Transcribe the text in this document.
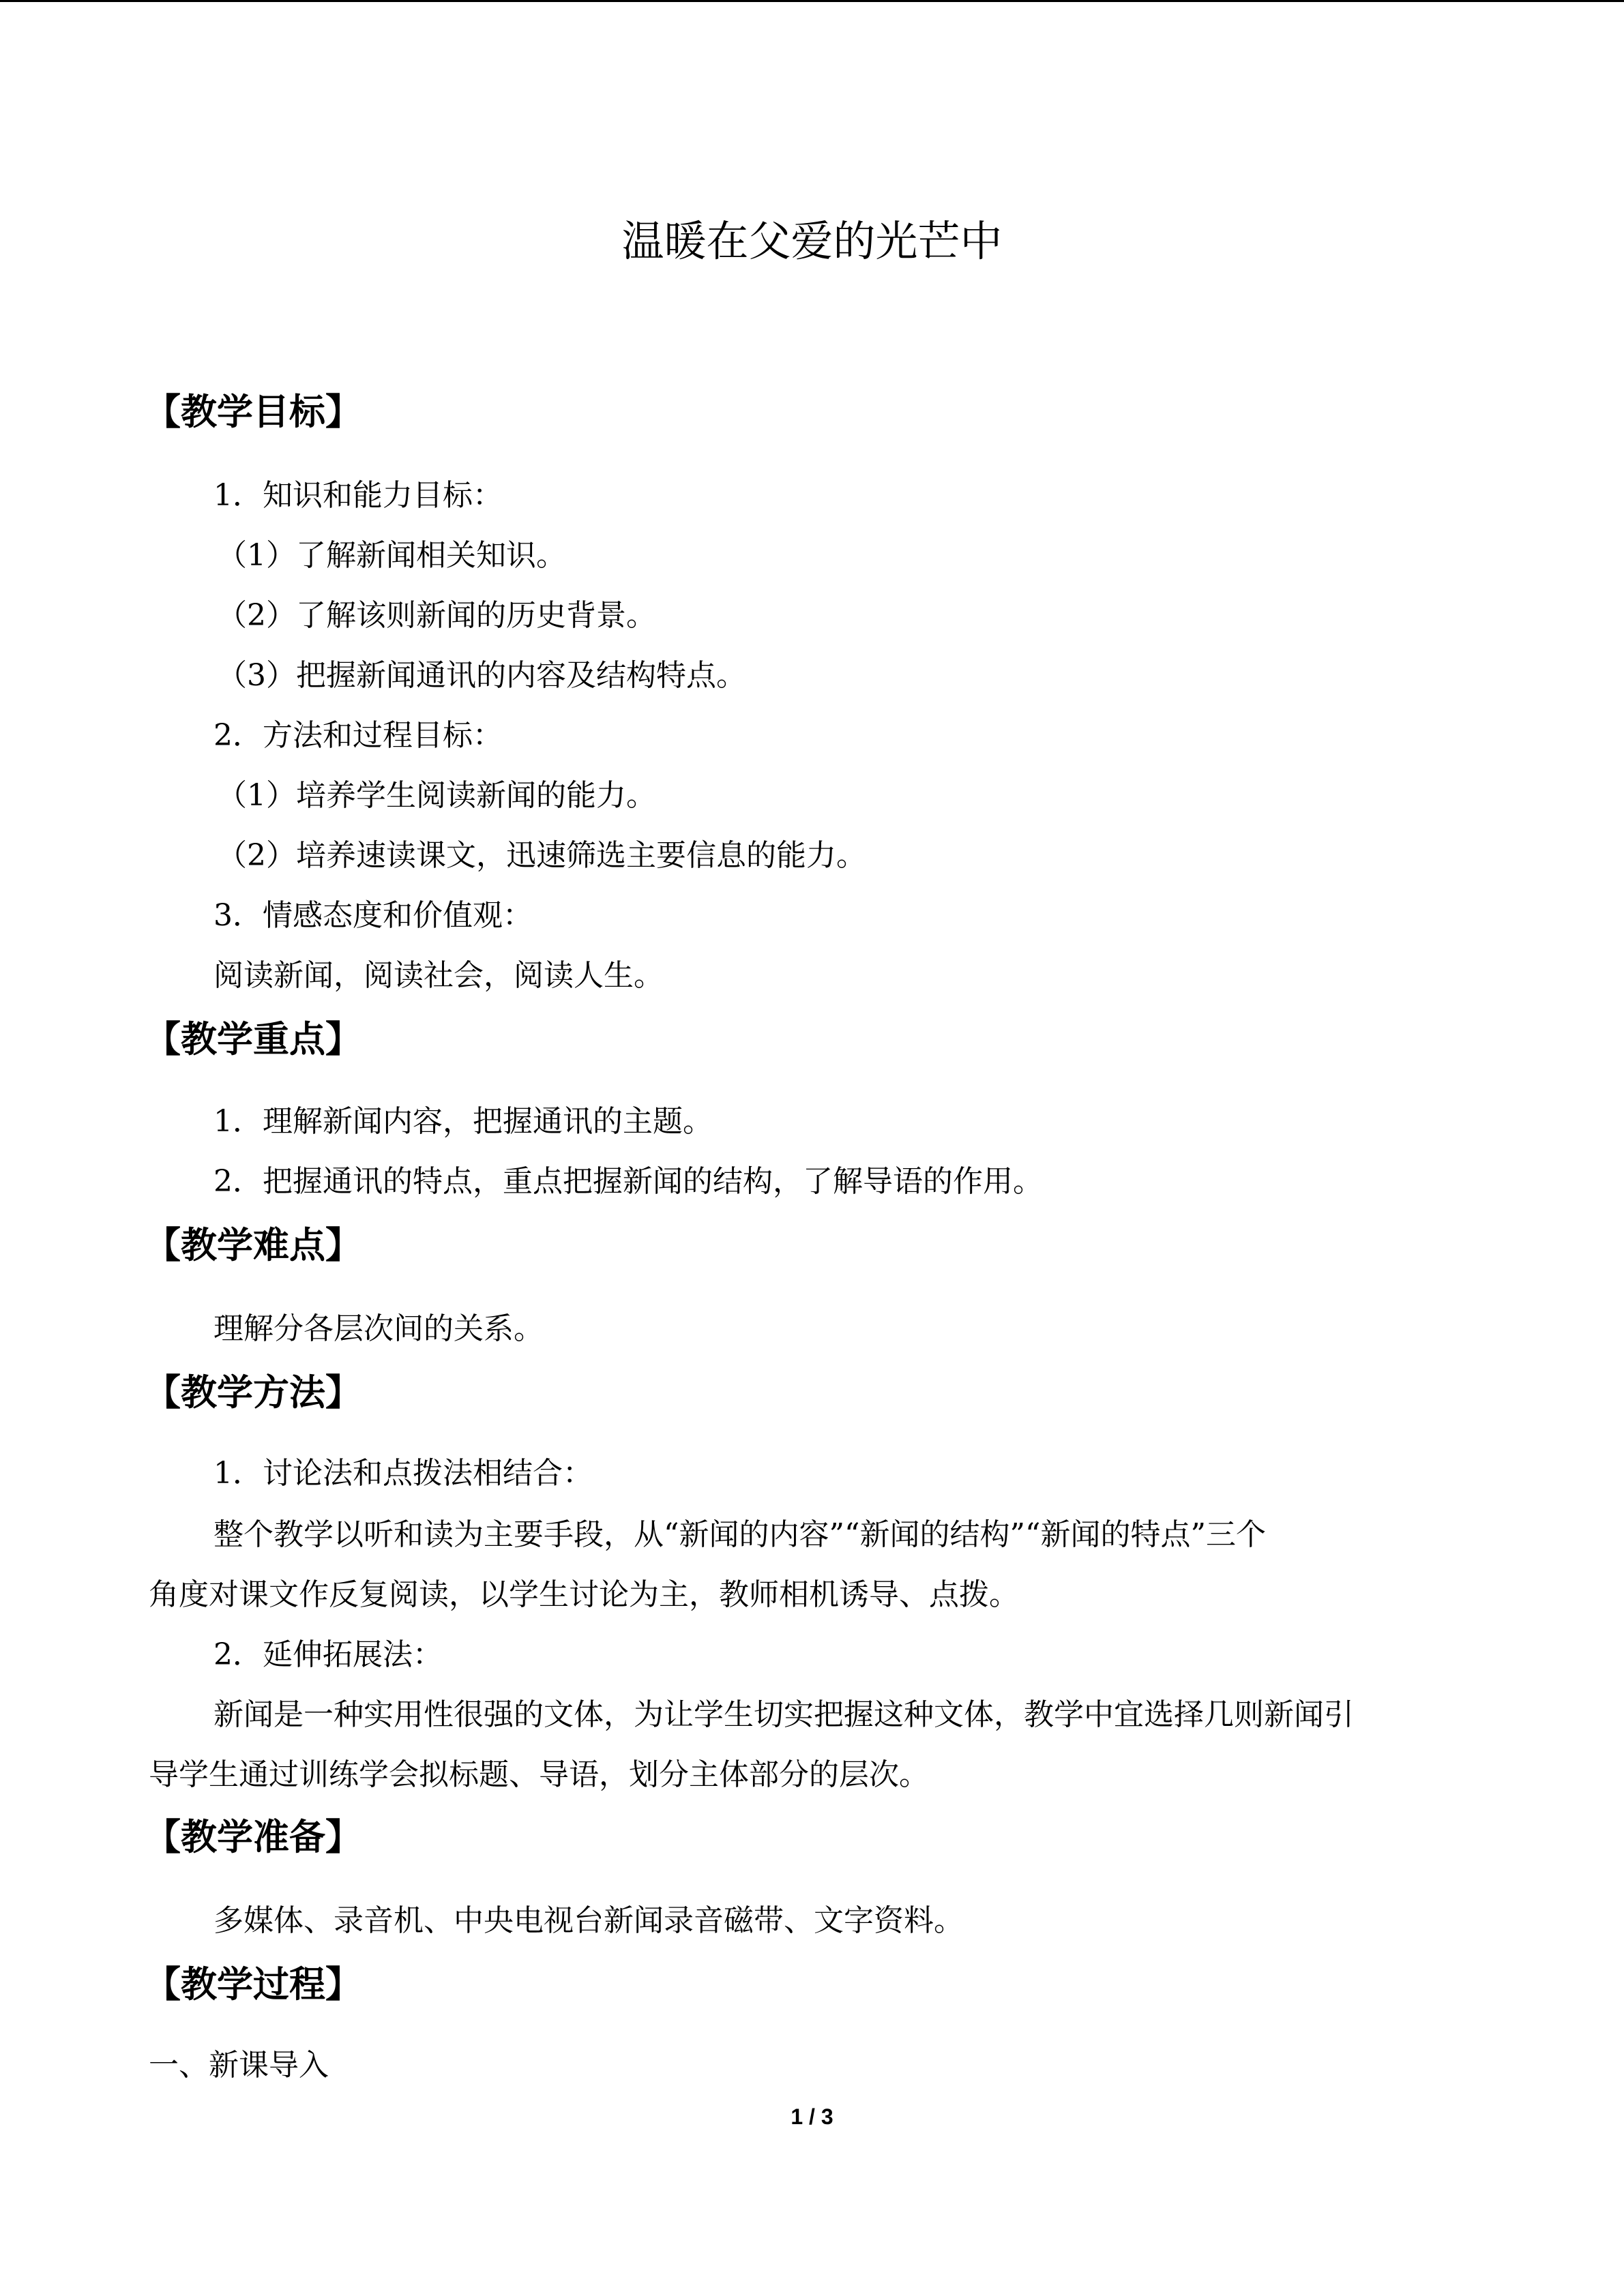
温暖在父爱的光芒中
【教学目标】
1．知识和能力目标：
（1）了解新闻相关知识。
（2）了解该则新闻的历史背景。
（3）把握新闻通讯的内容及结构特点。
2．方法和过程目标：
（1）培养学生阅读新闻的能力。
（2）培养速读课文，迅速筛选主要信息的能力。
3．情感态度和价值观：
阅读新闻，阅读社会，阅读人生。
【教学重点】
1．理解新闻内容，把握通讯的主题。
2．把握通讯的特点，重点把握新闻的结构，了解导语的作用。
【教学难点】
理解分各层次间的关系。
【教学方法】
1．讨论法和点拨法相结合：
整个教学以听和读为主要手段，从“新闻的内容”“新闻的结构”“新闻的特点”三个
角度对课文作反复阅读，以学生讨论为主，教师相机诱导、点拨。
2．延伸拓展法：
新闻是一种实用性很强的文体，为让学生切实把握这种文体，教学中宜选择几则新闻引
导学生通过训练学会拟标题、导语，划分主体部分的层次。
【教学准备】
多媒体、录音机、中央电视台新闻录音磁带、文字资料。
【教学过程】
一、新课导入
1 / 3
